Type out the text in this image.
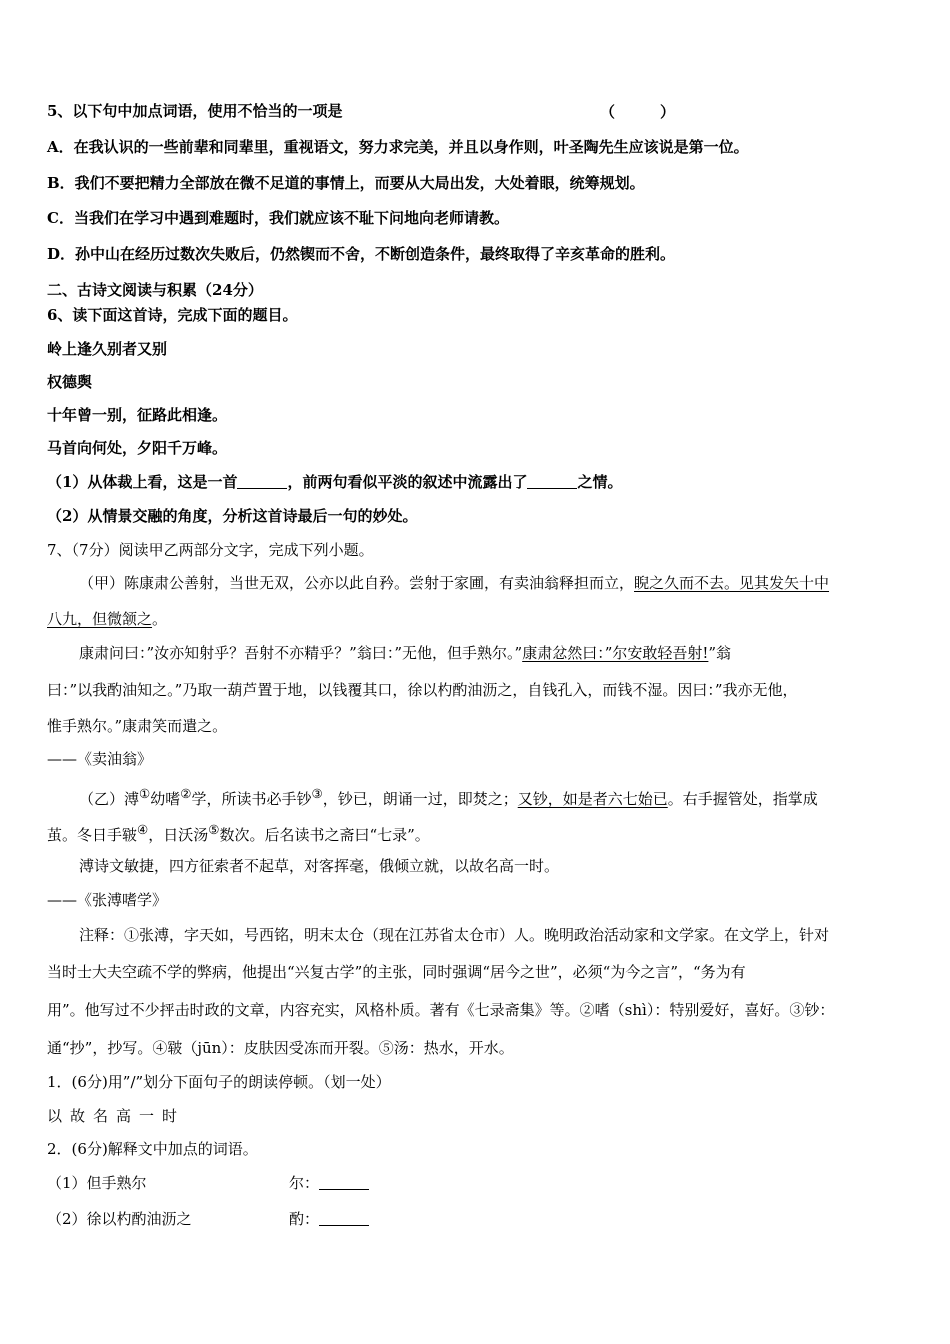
5、以下句中加点词语，使用不恰当的一项是	（　　　）
A．在我认识的一些前辈和同辈里，重视语文，努力求完美，并且以身作则，叶圣陶先生应该说是第一位。
B．我们不要把精力全部放在微不足道的事情上，而要从大局出发，大处着眼，统筹规划。
C．当我们在学习中遇到难题时，我们就应该不耻下问地向老师请教。
D．孙中山在经历过数次失败后，仍然锲而不舍，不断创造条件，最终取得了辛亥革命的胜利。
二、古诗文阅读与积累（24分）
6、读下面这首诗，完成下面的题目。
岭上逢久别者又别
权德舆
十年曾一别，征路此相逢。
马首向何处，夕阳千万峰。
（1）从体裁上看，这是一首	，前两句看似平淡的叙述中流露出了	之情。
（2）从情景交融的角度，分析这首诗最后一句的妙处。
7、（7分）阅读甲乙两部分文字，完成下列小题。
（甲）陈康肃公善射，当世无双，公亦以此自矜。尝射于家圃，有卖油翁释担而立，睨之久而不去。见其发矢十中
八九，但微颔之。
康肃问曰：”汝亦知射乎？吾射不亦精乎？”翁曰：”无他，但手熟尔。”康肃忿然曰：”尔安敢轻吾射!”翁
曰：”以我酌油知之。”乃取一葫芦置于地，以钱覆其口，徐以杓酌油沥之，自钱孔入，而钱不湿。因曰：”我亦无他，
惟手熟尔。”康肃笑而遣之。
——《卖油翁》
（乙）溥①幼嗜②学，所读书必手钞③，钞已，朗诵一过，即焚之；又钞，如是者六七始已。右手握管处，指掌成
茧。冬日手皲④，日沃汤⑤数次。后名读书之斋曰“七录”。
溥诗文敏捷，四方征索者不起草，对客挥毫，俄倾立就，以故名高一时。
——《张溥嗜学》
注释：①张溥，字天如，号西铭，明末太仓（现在江苏省太仓市）人。晚明政治活动家和文学家。在文学上，针对
当时士大夫空疏不学的弊病，他提出“兴复古学”的主张，同时强调“居今之世”，必须“为今之言”，“务为有
用”。他写过不少抨击时政的文章，内容充实，风格朴质。著有《七录斋集》等。②嗜（shì）：特别爱好，喜好。③钞：
通“抄”，抄写。④皲（jūn）：皮肤因受冻而开裂。⑤汤：热水，开水。
1．(6分)用”/”划分下面句子的朗读停顿。（划一处）
以故名高一时
2．(6分)解释文中加点的词语。
（1）但手熟尔	尔：
（2）徐以杓酌油沥之	酌：
